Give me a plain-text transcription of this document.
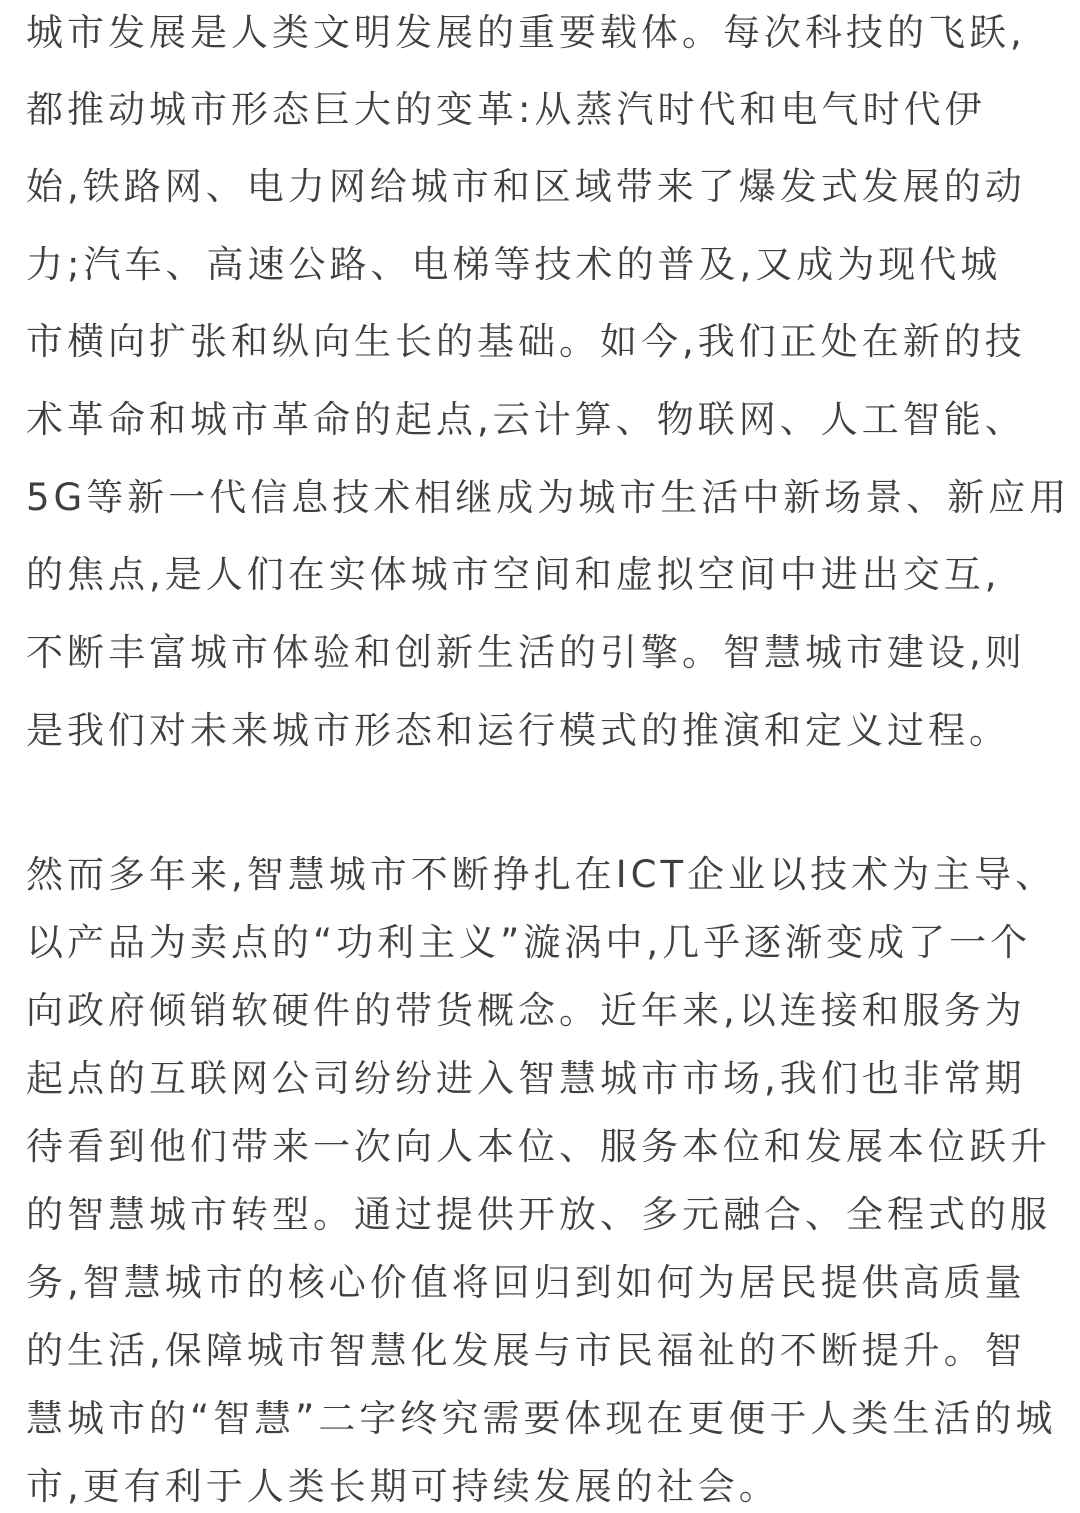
城市发展是人类文明发展的重要载体。每次科技的飞跃,
都推动城市形态巨大的变革:从蒸汽时代和电气时代伊
始,铁路网、电力网给城市和区域带来了爆发式发展的动
力;汽车、高速公路、电梯等技术的普及,又成为现代城
市横向扩张和纵向生长的基础。如今,我们正处在新的技
术革命和城市革命的起点,云计算、物联网、人工智能、
5G等新一代信息技术相继成为城市生活中新场景、新应用
的焦点,是人们在实体城市空间和虚拟空间中进出交互,
不断丰富城市体验和创新生活的引擎。智慧城市建设,则
是我们对未来城市形态和运行模式的推演和定义过程。
然而多年来,智慧城市不断挣扎在ICT企业以技术为主导、
以产品为卖点的“功利主义”漩涡中,几乎逐渐变成了一个
向政府倾销软硬件的带货概念。近年来,以连接和服务为
起点的互联网公司纷纷进入智慧城市市场,我们也非常期
待看到他们带来一次向人本位、服务本位和发展本位跃升
的智慧城市转型。通过提供开放、多元融合、全程式的服
务,智慧城市的核心价值将回归到如何为居民提供高质量
的生活,保障城市智慧化发展与市民福祉的不断提升。智
慧城市的“智慧”二字终究需要体现在更便于人类生活的城
市,更有利于人类长期可持续发展的社会。
